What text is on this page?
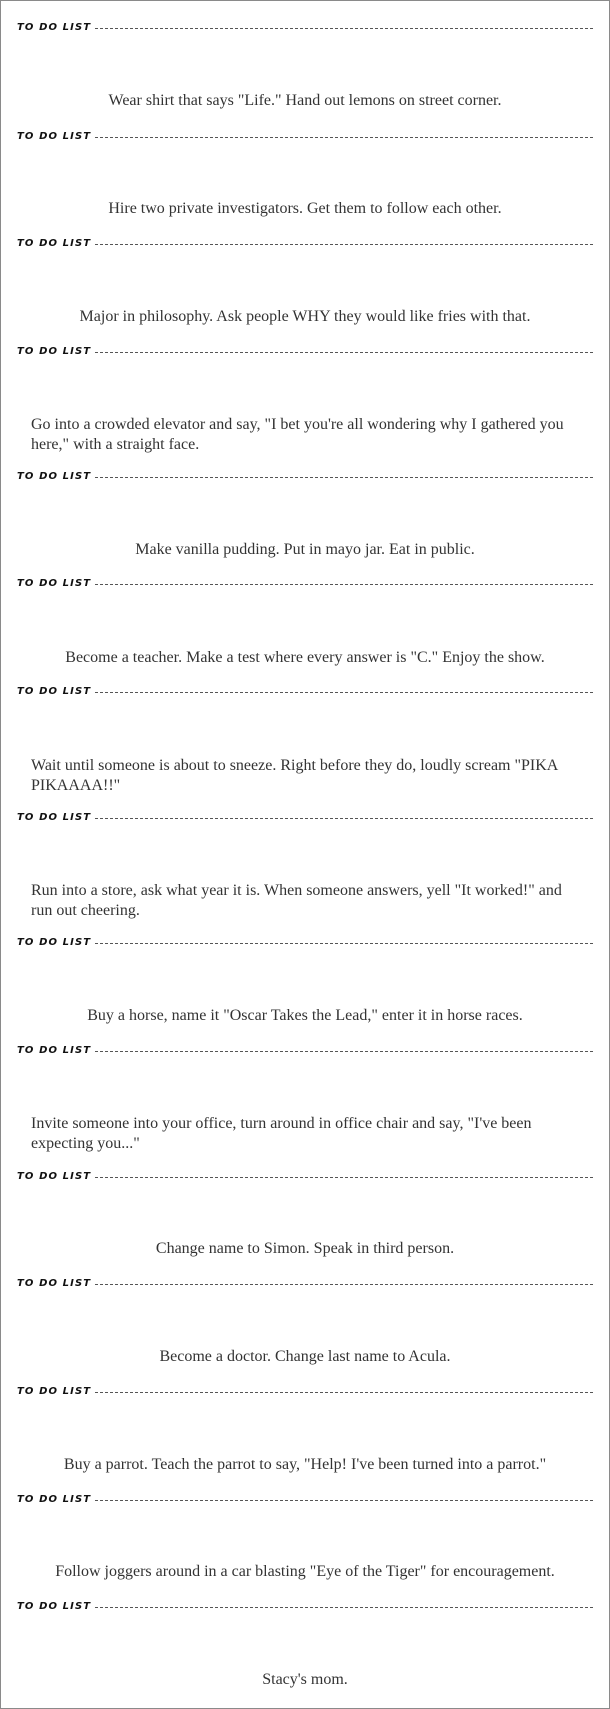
TO DO LIST
Wear shirt that says "Life." Hand out lemons on street corner.
TO DO LIST
Hire two private investigators. Get them to follow each other.
TO DO LIST
Major in philosophy. Ask people WHY they would like fries with that.
TO DO LIST
Go into a crowded elevator and say, "I bet you're all wondering why I gathered you here," with a straight face.
TO DO LIST
Make vanilla pudding. Put in mayo jar. Eat in public.
TO DO LIST
Become a teacher. Make a test where every answer is "C." Enjoy the show.
TO DO LIST
Wait until someone is about to sneeze. Right before they do, loudly scream "PIKA PIKAAAA!!"
TO DO LIST
Run into a store, ask what year it is. When someone answers, yell "It worked!" and run out cheering.
TO DO LIST
Buy a horse, name it "Oscar Takes the Lead," enter it in horse races.
TO DO LIST
Invite someone into your office, turn around in office chair and say, "I've been expecting you..."
TO DO LIST
Change name to Simon. Speak in third person.
TO DO LIST
Become a doctor. Change last name to Acula.
TO DO LIST
Buy a parrot. Teach the parrot to say, "Help! I've been turned into a parrot."
TO DO LIST
Follow joggers around in a car blasting "Eye of the Tiger" for encouragement.
TO DO LIST
Stacy's mom.
